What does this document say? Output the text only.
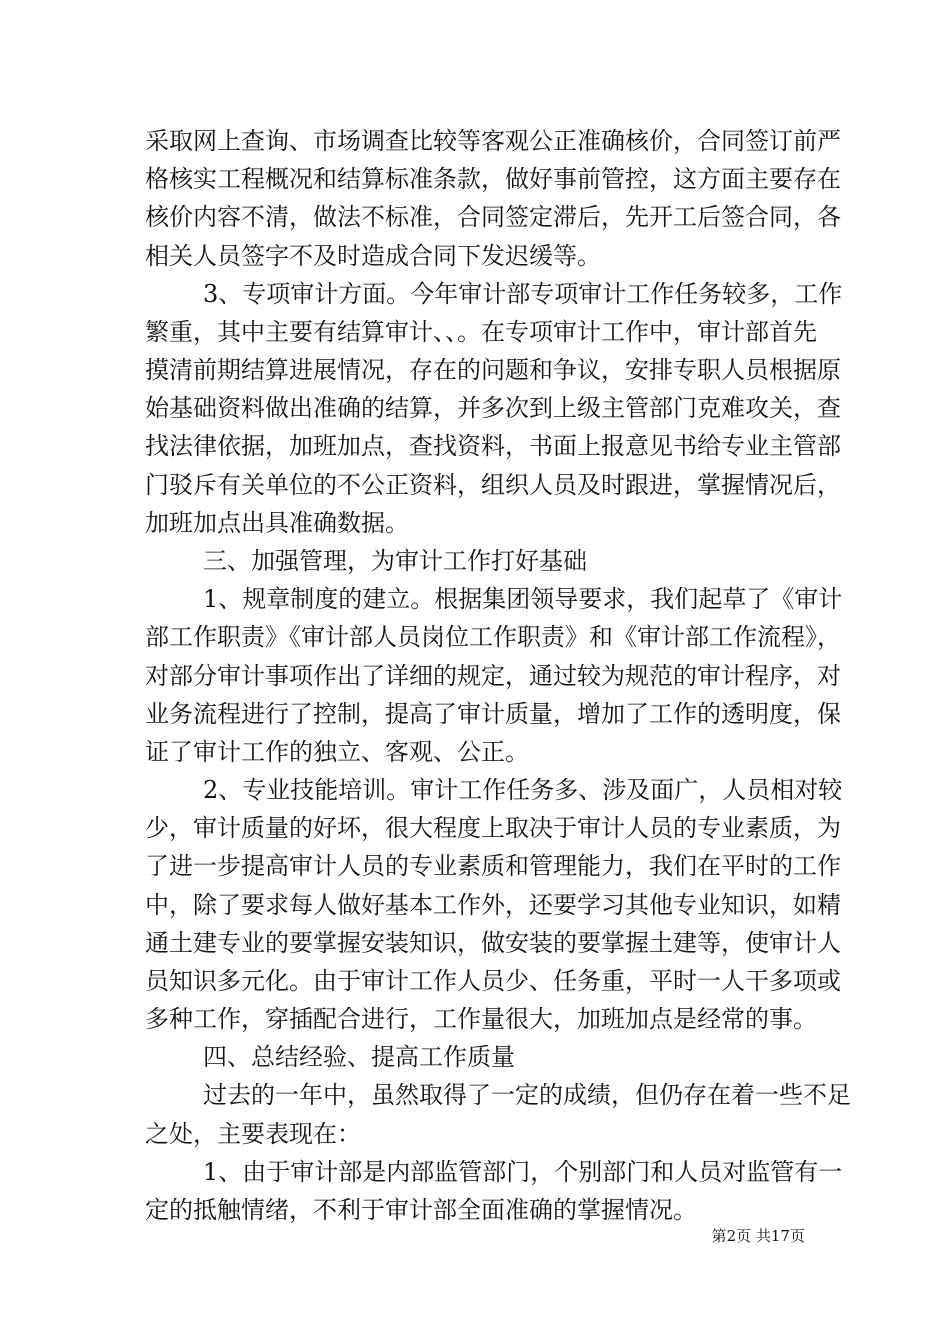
采取网上查询、市场调查比较等客观公正准确核价，合同签订前严
格核实工程概况和结算标准条款，做好事前管控，这方面主要存在
核价内容不清，做法不标准，合同签定滞后，先开工后签合同，各
相关人员签字不及时造成合同下发迟缓等。
3、专项审计方面。今年审计部专项审计工作任务较多，工作
繁重，其中主要有结算审计、、。在专项审计工作中，审计部首先
摸清前期结算进展情况，存在的问题和争议，安排专职人员根据原
始基础资料做出准确的结算，并多次到上级主管部门克难攻关，查
找法律依据，加班加点，查找资料，书面上报意见书给专业主管部
门驳斥有关单位的不公正资料，组织人员及时跟进，掌握情况后，
加班加点出具准确数据。
三、加强管理，为审计工作打好基础
1、规章制度的建立。根据集团领导要求，我们起草了《审计
部工作职责》《审计部人员岗位工作职责》和《审计部工作流程》，
对部分审计事项作出了详细的规定，通过较为规范的审计程序，对
业务流程进行了控制，提高了审计质量，增加了工作的透明度，保
证了审计工作的独立、客观、公正。
2、专业技能培训。审计工作任务多、涉及面广，人员相对较
少，审计质量的好坏，很大程度上取决于审计人员的专业素质，为
了进一步提高审计人员的专业素质和管理能力，我们在平时的工作
中，除了要求每人做好基本工作外，还要学习其他专业知识，如精
通土建专业的要掌握安装知识，做安装的要掌握土建等，使审计人
员知识多元化。由于审计工作人员少、任务重，平时一人干多项或
多种工作，穿插配合进行，工作量很大，加班加点是经常的事。
四、总结经验、提高工作质量
过去的一年中，虽然取得了一定的成绩，但仍存在着一些不足
之处，主要表现在：
1、由于审计部是内部监管部门，个别部门和人员对监管有一
定的抵触情绪，不利于审计部全面准确的掌握情况。
第2页 共17页
